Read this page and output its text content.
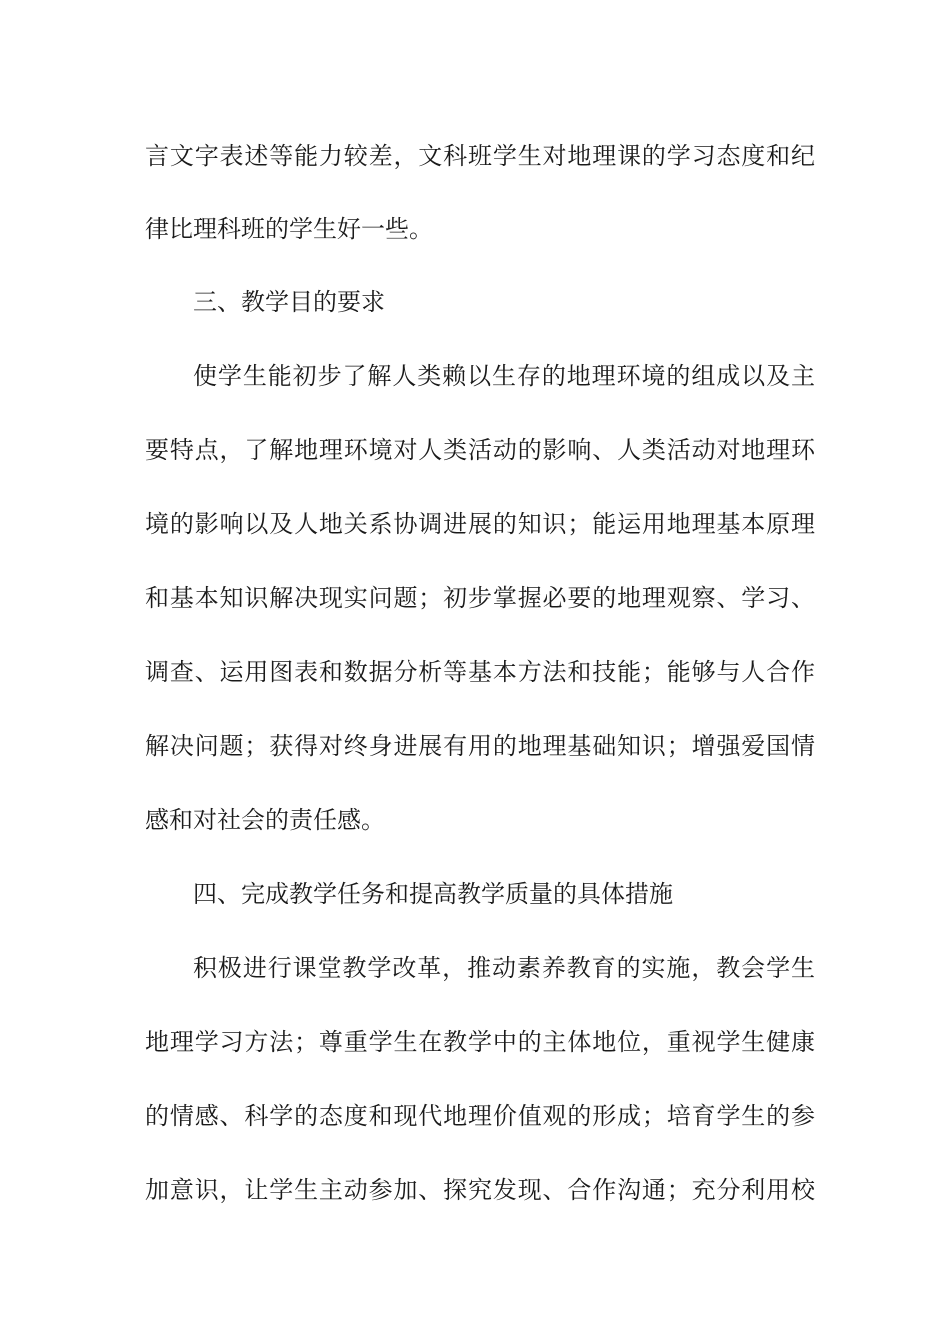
言文字表述等能力较差，文科班学生对地理课的学习态度和纪
律比理科班的学生好一些。
三、教学目的要求
使学生能初步了解人类赖以生存的地理环境的组成以及主
要特点，了解地理环境对人类活动的影响、人类活动对地理环
境的影响以及人地关系协调进展的知识；能运用地理基本原理
和基本知识解决现实问题；初步掌握必要的地理观察、学习、
调查、运用图表和数据分析等基本方法和技能；能够与人合作
解决问题；获得对终身进展有用的地理基础知识；增强爱国情
感和对社会的责任感。
四、完成教学任务和提高教学质量的具体措施
积极进行课堂教学改革，推动素养教育的实施，教会学生
地理学习方法；尊重学生在教学中的主体地位，重视学生健康
的情感、科学的态度和现代地理价值观的形成；培育学生的参
加意识，让学生主动参加、探究发现、合作沟通；充分利用校
